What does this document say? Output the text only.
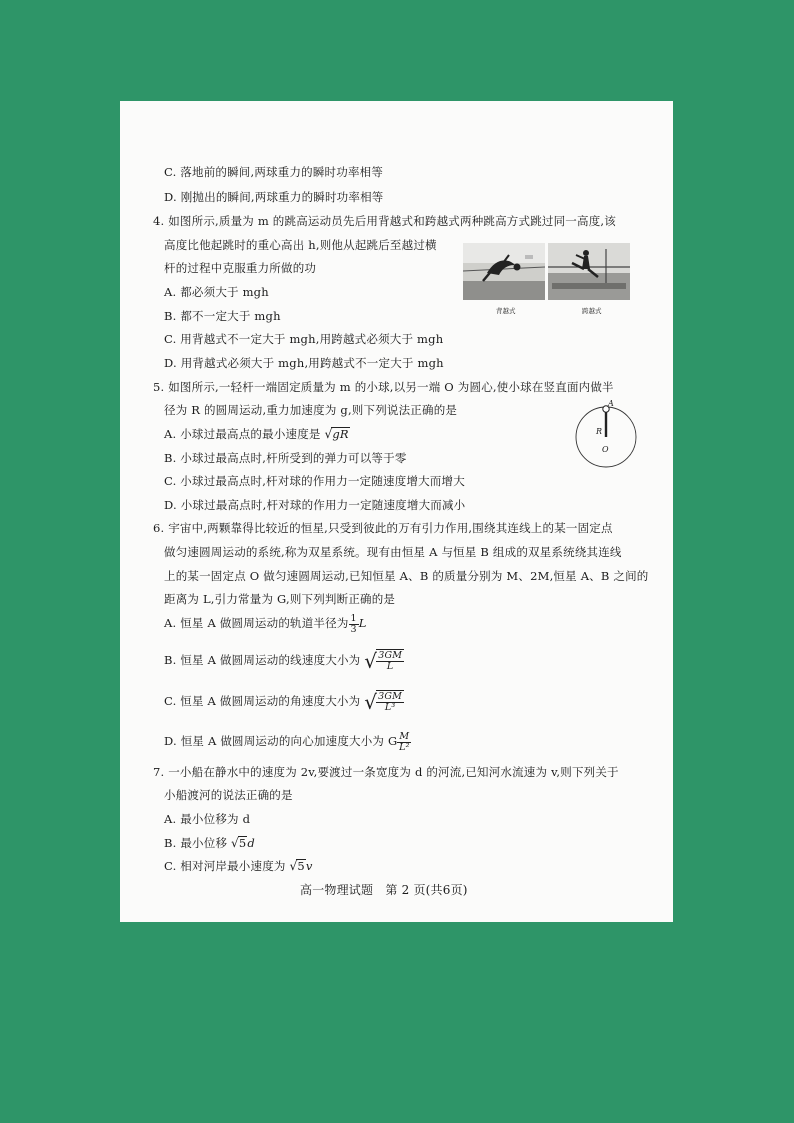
C. 落地前的瞬间,两球重力的瞬时功率相等
D. 刚抛出的瞬间,两球重力的瞬时功率相等
4. 如图所示,质量为 m 的跳高运动员先后用背越式和跨越式两种跳高方式跳过同一高度,该
高度比他起跳时的重心高出 h,则他从起跳后至越过横
杆的过程中克服重力所做的功
A. 都必须大于 mgh
B. 都不一定大于 mgh
C. 用背越式不一定大于 mgh,用跨越式必须大于 mgh
D. 用背越式必须大于 mgh,用跨越式不一定大于 mgh
背越式	跨越式
5. 如图所示,一轻杆一端固定质量为 m 的小球,以另一端 O 为圆心,使小球在竖直面内做半
径为 R 的圆周运动,重力加速度为 g,则下列说法正确的是
A. 小球过最高点的最小速度是 √gR
B. 小球过最高点时,杆所受到的弹力可以等于零
C. 小球过最高点时,杆对球的作用力一定随速度增大而增大
D. 小球过最高点时,杆对球的作用力一定随速度增大而减小
A
R
O
6. 宇宙中,两颗靠得比较近的恒星,只受到彼此的万有引力作用,围绕其连线上的某一固定点
做匀速圆周运动的系统,称为双星系统。现有由恒星 A 与恒星 B 组成的双星系统绕其连线
上的某一固定点 O 做匀速圆周运动,已知恒星 A、B 的质量分别为 M、2M,恒星 A、B 之间的
距离为 L,引力常量为 G,则下列判断正确的是
A. 恒星 A 做圆周运动的轨道半径为 $\frac{1}{3}$ L
B. 恒星 A 做圆周运动的线速度大小为 √ $\frac{3GM}{L}$
C. 恒星 A 做圆周运动的角速度大小为 √ $\frac{3GM}{\text{L³}}$
D. 恒星 A 做圆周运动的向心加速度大小为 G $\frac{M}{\text{L²}}$
7. 一小船在静水中的速度为 2v,要渡过一条宽度为 d 的河流,已知河水流速为 v,则下列关于
小船渡河的说法正确的是
A. 最小位移为 d
B. 最小位移 √5d
C. 相对河岸最小速度为 √5v
高一物理试题　第 2 页(共6页)
